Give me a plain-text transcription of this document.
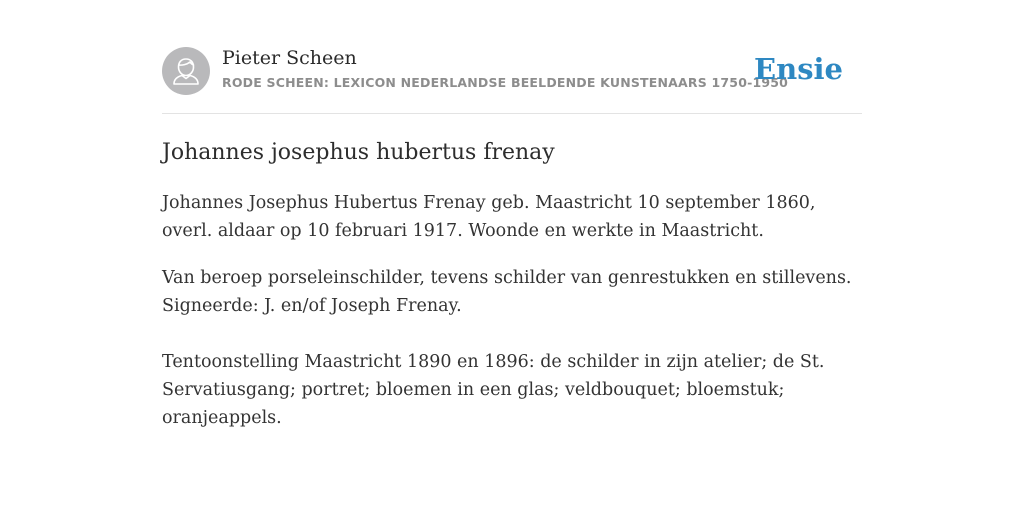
Pieter Scheen
RODE SCHEEN: LEXICON NEDERLANDSE BEELDENDE KUNSTENAARS 1750-1950
Ensie
Johannes josephus hubertus frenay

Johannes Josephus Hubertus Frenay geb. Maastricht 10 september 1860, overl. aldaar op 10 februari 1917. Woonde en werkte in Maastricht.

Van beroep porseleinschilder, tevens schilder van genrestukken en stillevens. Signeerde: J. en/of Joseph Frenay.

Tentoonstelling Maastricht 1890 en 1896: de schilder in zijn atelier; de St. Servatiusgang; portret; bloemen in een glas; veldbouquet; bloemstuk; oranjeappels.
